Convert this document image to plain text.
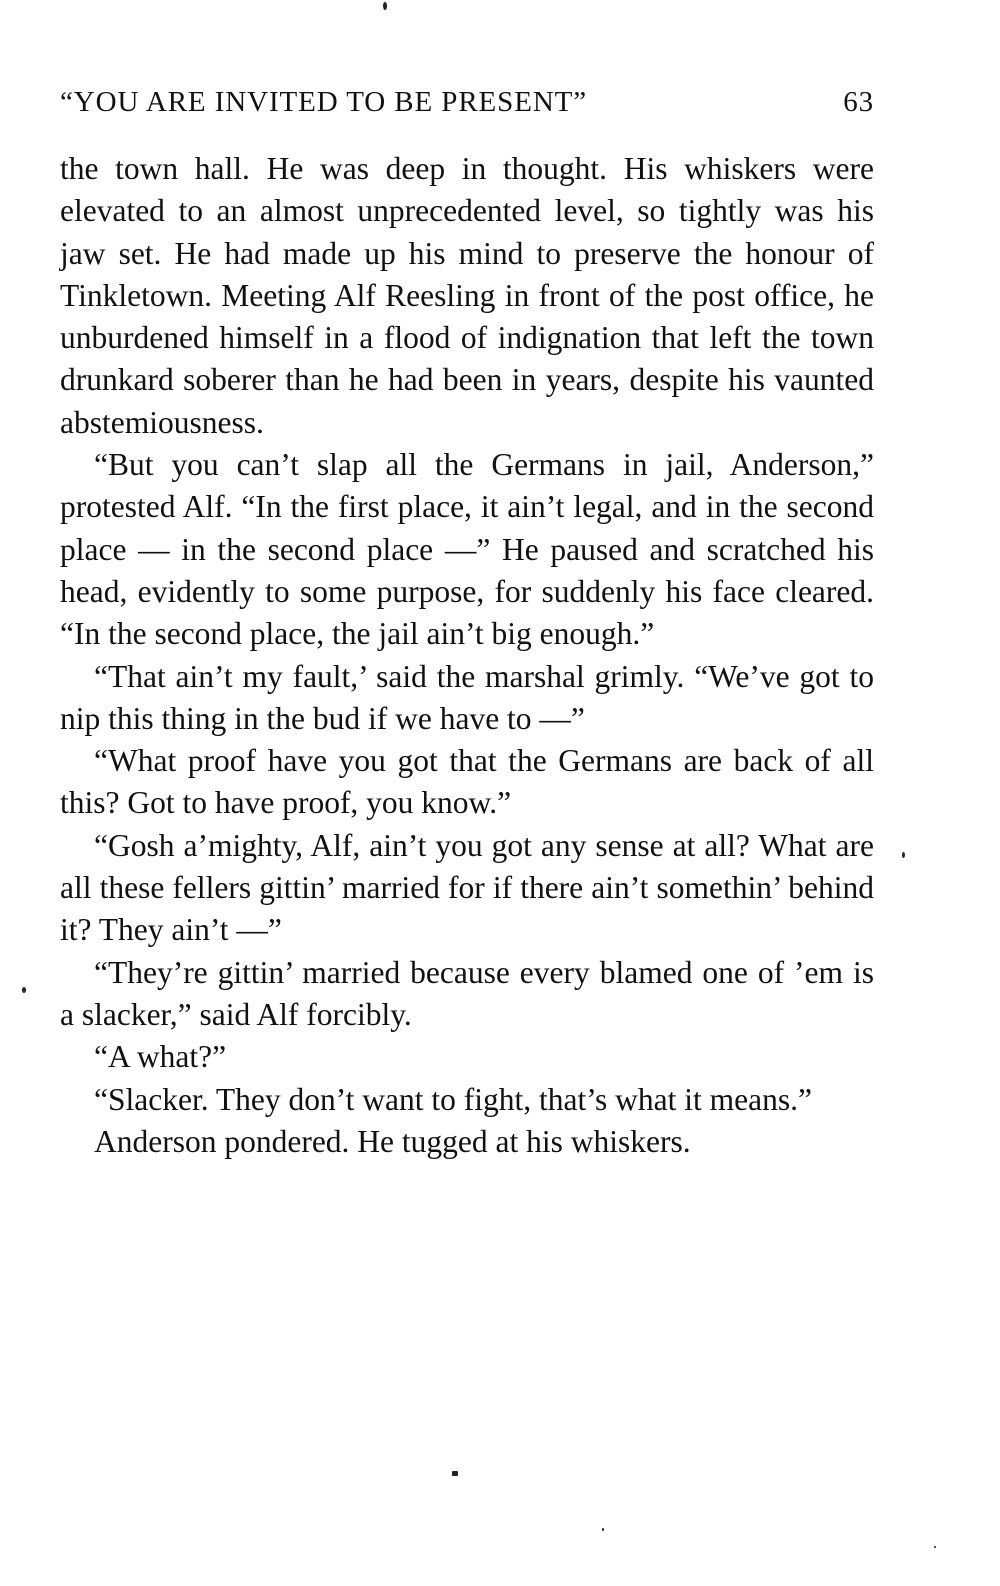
“YOU ARE INVITED TO BE PRESENT”	63

the town hall. He was deep in thought. His whiskers were elevated to an almost unprecedented level, so tightly was his jaw set. He had made up his mind to preserve the honour of Tinkletown. Meeting Alf Reesling in front of the post office, he unburdened himself in a flood of indignation that left the town drunkard soberer than he had been in years, despite his vaunted abstemiousness.

“But you can’t slap all the Germans in jail, Anderson,” protested Alf. “In the first place, it ain’t legal, and in the second place — in the second place —” He paused and scratched his head, evidently to some purpose, for suddenly his face cleared. “In the second place, the jail ain’t big enough.”

“That ain’t my fault,’ said the marshal grimly. “We’ve got to nip this thing in the bud if we have to —”

“What proof have you got that the Germans are back of all this? Got to have proof, you know.”

“Gosh a’mighty, Alf, ain’t you got any sense at all? What are all these fellers gittin’ married for if there ain’t somethin’ behind it? They ain’t —”

“They’re gittin’ married because every blamed one of ’em is a slacker,” said Alf forcibly.

“A what?”

“Slacker. They don’t want to fight, that’s what it means.”

Anderson pondered. He tugged at his whiskers.
